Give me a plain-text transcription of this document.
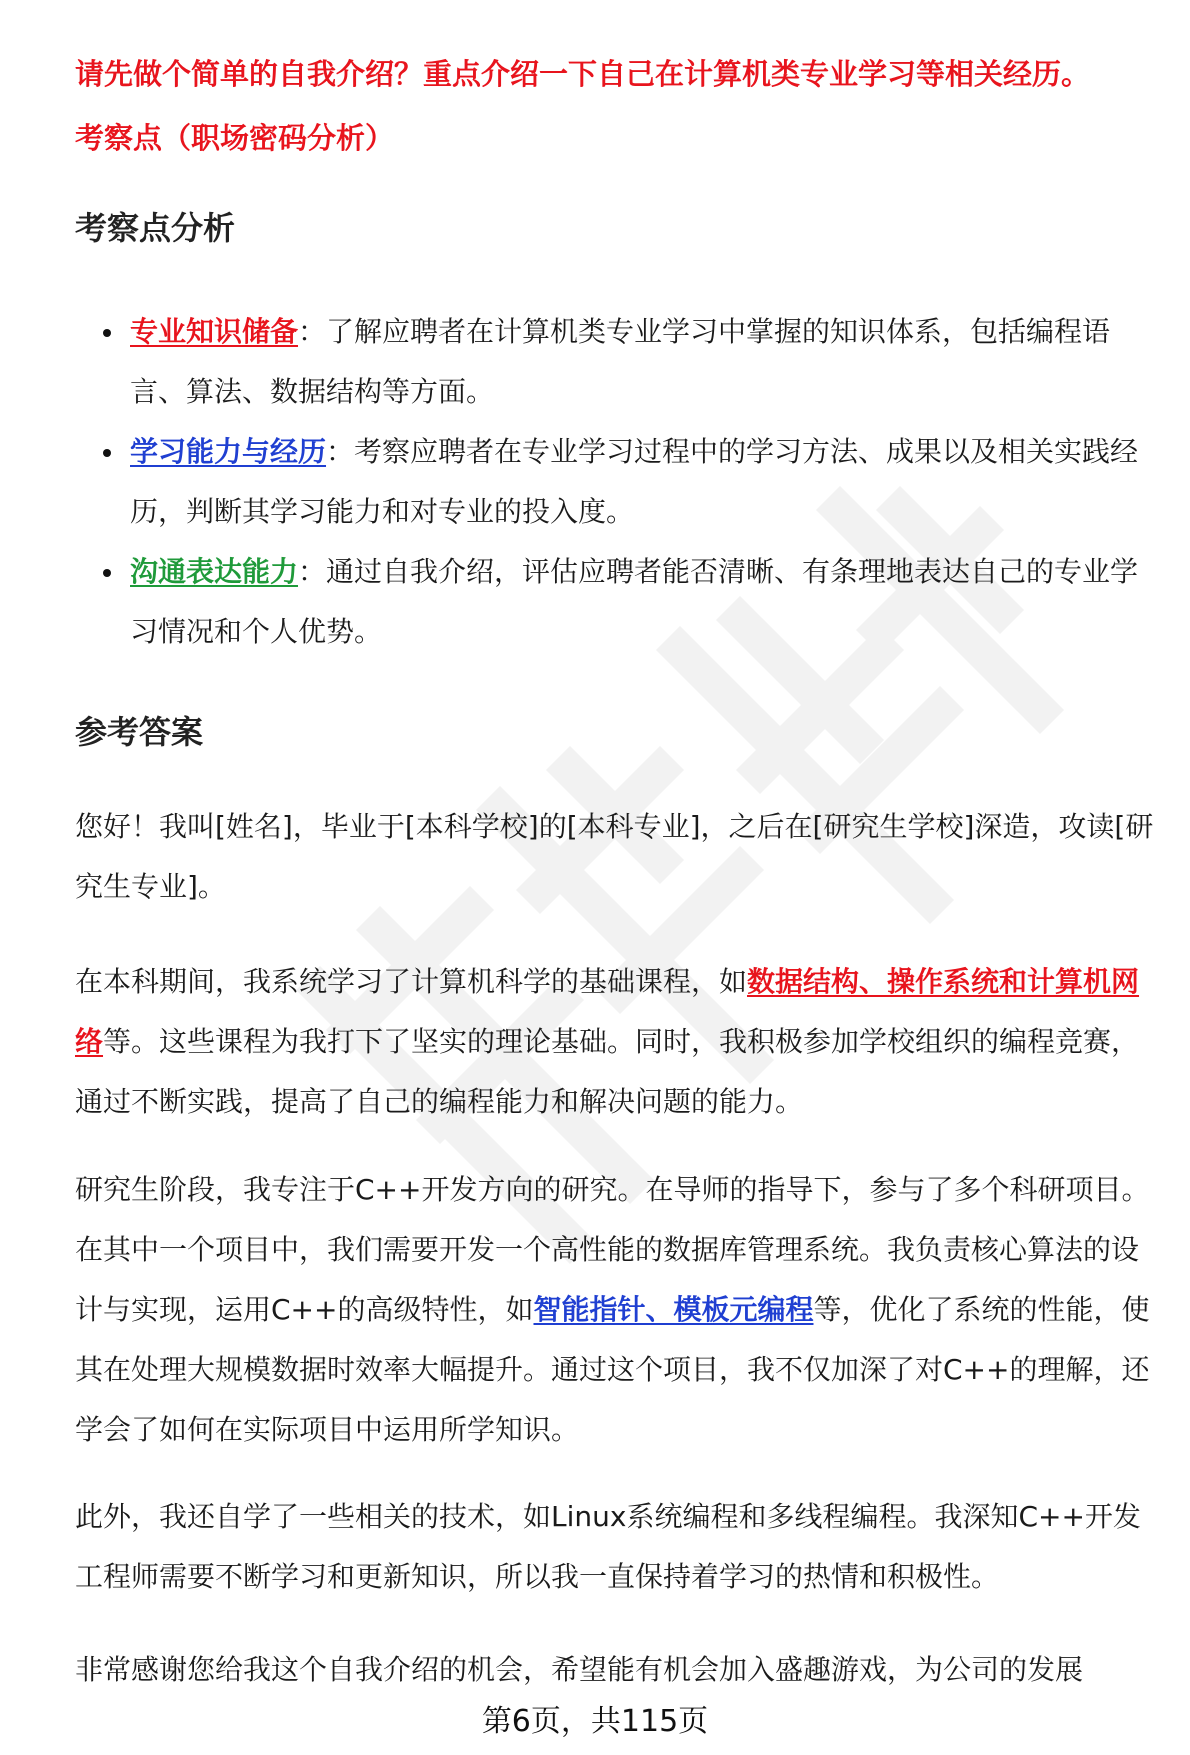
请先做个简单的自我介绍？重点介绍一下自己在计算机类专业学习等相关经历。
考察点（职场密码分析）
考察点分析
专业知识储备：了解应聘者在计算机类专业学习中掌握的知识体系，包括编程语言、算法、数据结构等方面。
学习能力与经历：考察应聘者在专业学习过程中的学习方法、成果以及相关实践经历，判断其学习能力和对专业的投入度。
沟通表达能力：通过自我介绍，评估应聘者能否清晰、有条理地表达自己的专业学习情况和个人优势。
参考答案

您好！我叫[姓名]，毕业于[本科学校]的[本科专业]，之后在[研究生学校]深造，攻读[研究生专业]。

在本科期间，我系统学习了计算机科学的基础课程，如数据结构、操作系统和计算机网络等。这些课程为我打下了坚实的理论基础。同时，我积极参加学校组织的编程竞赛，通过不断实践，提高了自己的编程能力和解决问题的能力。

研究生阶段，我专注于C++开发方向的研究。在导师的指导下，参与了多个科研项目。在其中一个项目中，我们需要开发一个高性能的数据库管理系统。我负责核心算法的设计与实现，运用C++的高级特性，如智能指针、模板元编程等，优化了系统的性能，使其在处理大规模数据时效率大幅提升。通过这个项目，我不仅加深了对C++的理解，还学会了如何在实际项目中运用所学知识。

此外，我还自学了一些相关的技术，如Linux系统编程和多线程编程。我深知C++开发工程师需要不断学习和更新知识，所以我一直保持着学习的热情和积极性。

非常感谢您给我这个自我介绍的机会，希望能有机会加入盛趣游戏，为公司的发展

第6页，共115页
